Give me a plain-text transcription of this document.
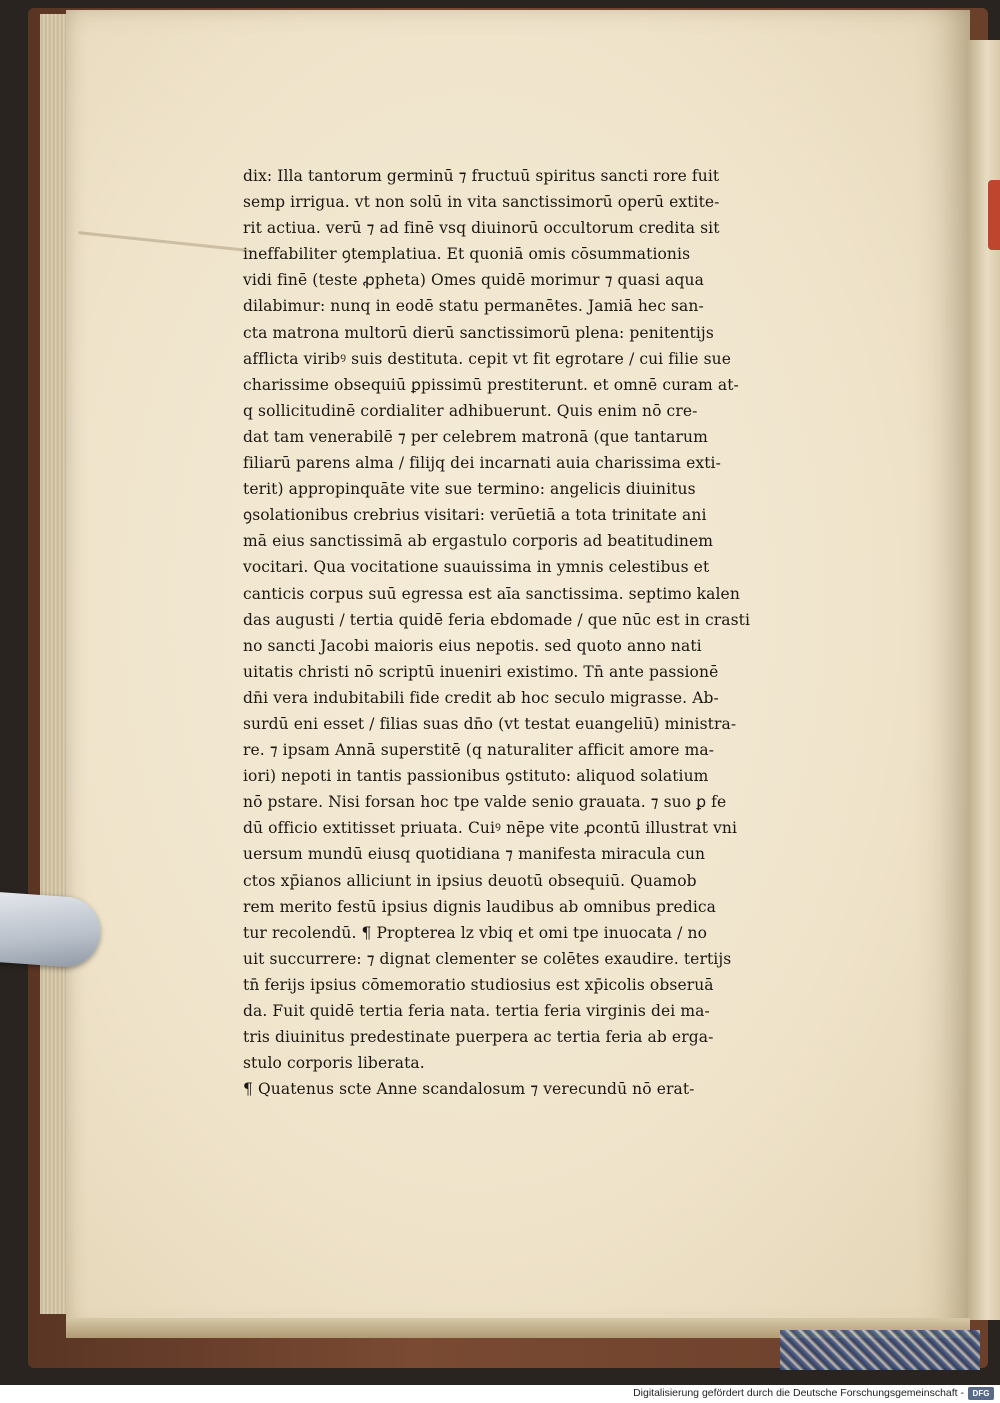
dix: Illa tantorum germinū ⁊ fructuū spiritus sancti rore fuit
semp irrigua. vt non solū in vita sanctissimorū operū extite-
rit actiua. verū ⁊ ad finē vsq diuinorū occultorum credita sit
ineffabiliter ꝯtemplatiua. Et quoniā omis cōsummationis
vidi finē (teste ꝓpheta) Omes quidē morimur ⁊ quasi aqua
dilabimur: nunq in eodē statu permanētes. Jamiā hec san-
cta matrona multorū dierū sanctissimorū plena: penitentijs
afflicta viribꝰ suis destituta. cepit vt fit egrotare / cui filie sue
charissime obsequiū ꝑpissimū prestiterunt. et omnē curam at-
q sollicitudinē cordialiter adhibuerunt. Quis enim nō cre-
dat tam venerabilē ⁊ per celebrem matronā (que tantarum
filiarū parens alma / filijq dei incarnati auia charissima exti-
terit) appropinquāte vite sue termino: angelicis diuinitus
ꝯsolationibus crebrius visitari: verūetiā a tota trinitate ani
mā eius sanctissimā ab ergastulo corporis ad beatitudinem
vocitari. Qua vocitatione suauissima in ymnis celestibus et
canticis corpus suū egressa est aīa sanctissima. septimo kalen
das augusti / tertia quidē feria ebdomade / que nūc est in crasti
no sancti Jacobi maioris eius nepotis. sed quoto anno nati
uitatis christi nō scriptū inueniri existimo. Tn̄ ante passionē
dn̄i vera indubitabili fide credit ab hoc seculo migrasse. Ab-
surdū eni esset / filias suas dn̄o (vt testat euangeliū) ministra-
re. ⁊ ipsam Annā superstitē (q naturaliter afficit amore ma-
iori) nepoti in tantis passionibus ꝯstituto: aliquod solatium
nō pstare. Nisi forsan hoc tpe valde senio grauata. ⁊ suo ꝑ fe
dū officio extitisset priuata. Cuiꝰ nēpe vite ꝓcontū illustrat vni
uersum mundū eiusq quotidiana ⁊ manifesta miracula cun
ctos xp̄ianos alliciunt in ipsius deuotū obsequiū. Quamob
rem merito festū ipsius dignis laudibus ab omnibus predica
tur recolendū. ¶ Propterea lz vbiq et omi tpe inuocata / no
uit succurrere: ⁊ dignat clementer se colētes exaudire. tertijs
tn̄ ferijs ipsius cōmemoratio studiosius est xp̄icolis obseruā
da. Fuit quidē tertia feria nata. tertia feria virginis dei ma-
tris diuinitus predestinate puerpera ac tertia feria ab erga-
stulo corporis liberata.
¶ Quatenus scte Anne scandalosum ⁊ verecundū nō erat-
Digitalisierung gefördert durch die Deutsche Forschungsgemeinschaft -	DFG
